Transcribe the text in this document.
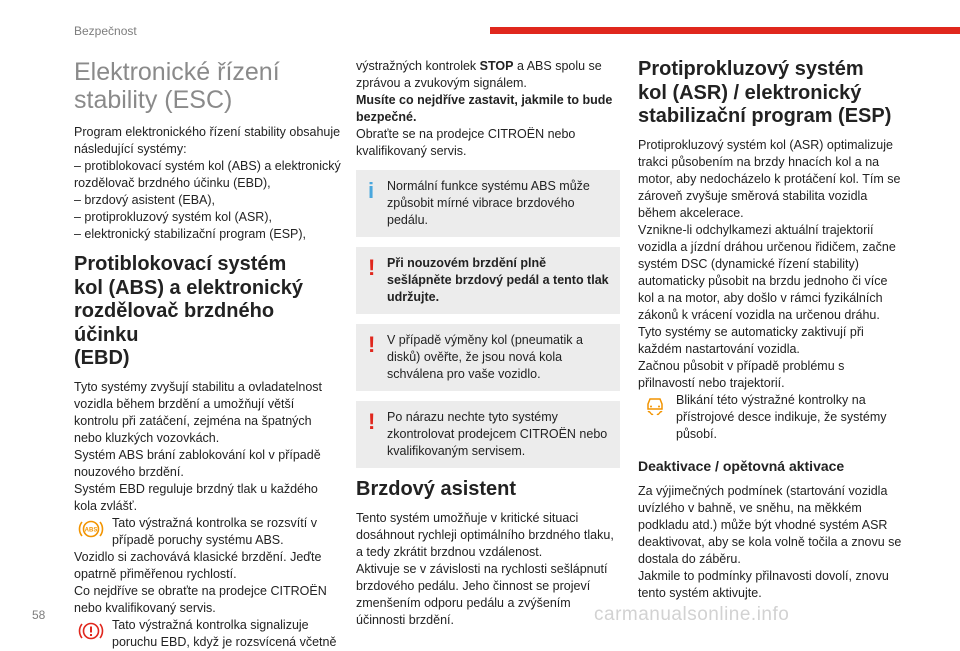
Bezpečnost
Elektronické řízení
stability (ESC)

Program elektronického řízení stability obsahuje následující systémy:

– protiblokovací systém kol (ABS) a elektronický rozdělovač brzdného účinku (EBD),

– brzdový asistent (EBA),

– protiprokluzový systém kol (ASR),

– elektronický stabilizační program (ESP),

Protiblokovací systém
kol (ABS) a elektronický
rozdělovač brzdného účinku
(EBD)

Tyto systémy zvyšují stabilitu a ovladatelnost vozidla během brzdění a umožňují větší kontrolu při zatáčení, zejména na špatných nebo kluzkých vozovkách.

Systém ABS brání zablokování kol v případě nouzového brzdění.

Systém EBD reguluje brzdný tlak u každého kola zvlášť.

ABS

Tato výstražná kontrolka se rozsvítí v případě poruchy systému ABS.

Vozidlo si zachovává klasické brzdění. Jeďte opatrně přiměřenou rychlostí.

Co nejdříve se obraťte na prodejce CITROËN nebo kvalifikovaný servis.

Tato výstražná kontrolka signalizuje poruchu EBD, když je rozsvícená včetně

výstražných kontrolek STOP a ABS spolu se zprávou a zvukovým signálem.

Musíte co nejdříve zastavit, jakmile to bude bezpečné.

Obraťte se na prodejce CITROËN nebo kvalifikovaný servis.

i	Normální funkce systému ABS může způsobit mírné vibrace brzdového pedálu.
! Při nouzovém brzdění plně sešlápněte brzdový pedál a tento tlak udržujte.
! V případě výměny kol (pneumatik a disků) ověřte, že jsou nová kola schválena pro vaše vozidlo.
! Po nárazu nechte tyto systémy zkontrolovat prodejcem CITROËN nebo kvalifikovaným servisem.
Brzdový asistent

Tento systém umožňuje v kritické situaci dosáhnout rychleji optimálního brzdného tlaku, a tedy zkrátit brzdnou vzdálenost.

Aktivuje se v závislosti na rychlosti sešlápnutí brzdového pedálu. Jeho činnost se projeví zmenšením odporu pedálu a zvýšením účinnosti brzdění.

Protiprokluzový systém
kol (ASR) / elektronický
stabilizační program (ESP)

Protiprokluzový systém kol (ASR) optimalizuje trakci působením na brzdy hnacích kol a na motor, aby nedocházelo k protáčení kol. Tím se zároveň zvyšuje směrová stabilita vozidla během akcelerace.

Vznikne-li odchylkamezi aktuální trajektorií vozidla a jízdní dráhou určenou řidičem, začne systém DSC (dynamické řízení stability) automaticky působit na brzdu jednoho či více kol a na motor, aby došlo v rámci fyzikálních zákonů k vrácení vozidla na určenou dráhu.

Tyto systémy se automaticky zaktivují při každém nastartování vozidla.

Začnou působit v případě problému s přilnavostí nebo trajektorií.

Blikání této výstražné kontrolky na přístrojové desce indikuje, že systémy působí.

Deaktivace / opětovná aktivace

Za výjimečných podmínek (startování vozidla uvízlého v bahně, ve sněhu, na měkkém podkladu atd.) může být vhodné systém ASR deaktivovat, aby se kola volně točila a znovu se dostala do záběru.

Jakmile to podmínky přilnavosti dovolí, znovu tento systém aktivujte.

58	carmanualsonline.info
